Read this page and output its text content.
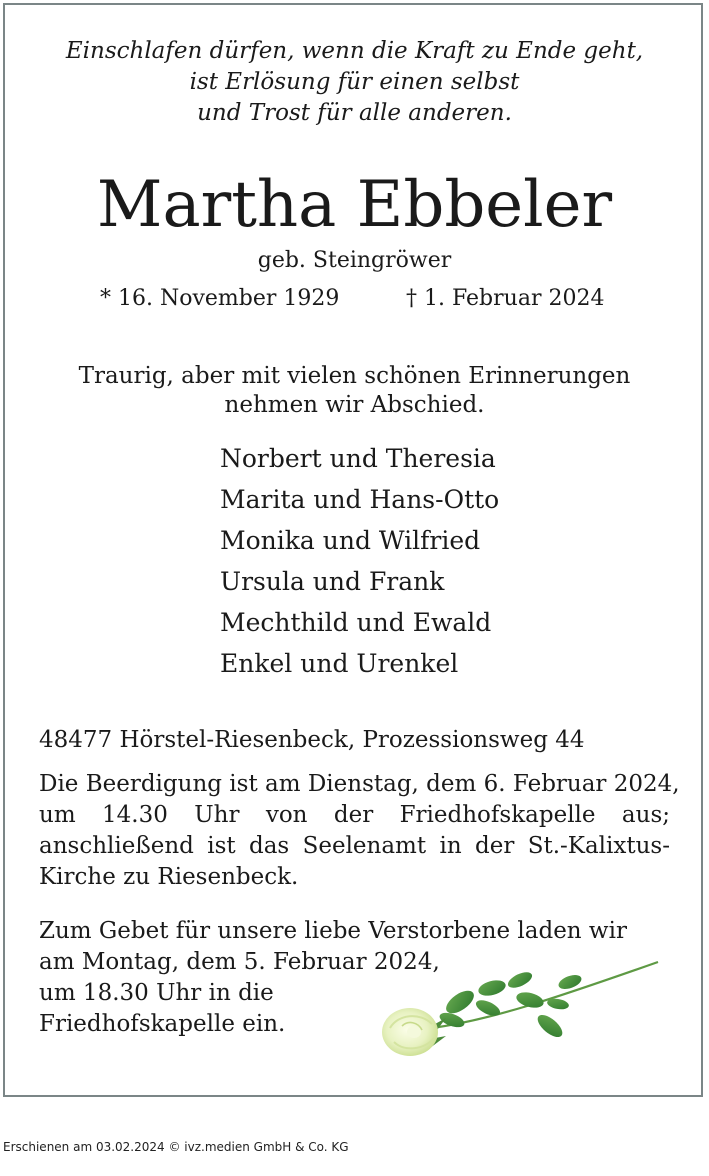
Einschlafen dürfen, wenn die Kraft zu Ende geht,
ist Erlösung für einen selbst
und Trost für alle anderen.
Martha Ebbeler
geb. Steingröwer
* 16. November 1929	† 1. Februar 2024
Traurig, aber mit vielen schönen Erinnerungen
nehmen wir Abschied.
Norbert und Theresia
Marita und Hans-Otto
Monika und Wilfried
Ursula und Frank
Mechthild und Ewald
Enkel und Urenkel
48477 Hörstel-Riesenbeck, Prozessionsweg 44
Die Beerdigung ist am Dienstag, dem 6. Februar 2024,
um 14.30 Uhr von der Friedhofskapelle aus;
anschließend ist das Seelenamt in der St.-Kalixtus-
Kirche zu Riesenbeck.
Zum Gebet für unsere liebe Verstorbene laden wir
am Montag, dem 5. Februar 2024,
um 18.30 Uhr in die
Friedhofskapelle ein.
Erschienen am 03.02.2024 © ivz.medien GmbH & Co. KG
